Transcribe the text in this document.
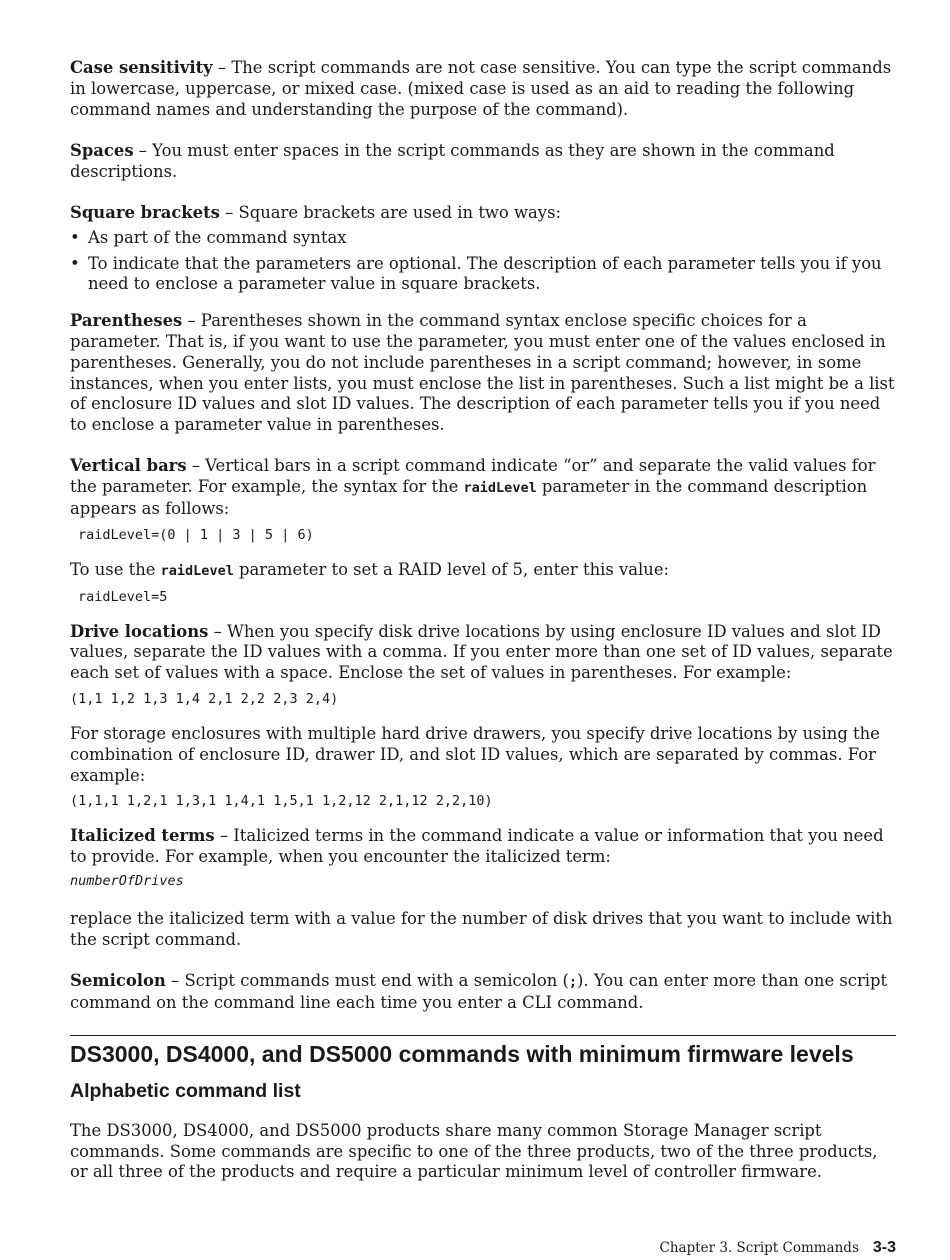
Case sensitivity – The script commands are not case sensitive. You can type the script commands in lowercase, uppercase, or mixed case. (mixed case is used as an aid to reading the following command names and understanding the purpose of the command).

Spaces – You must enter spaces in the script commands as they are shown in the command descriptions.

Square brackets – Square brackets are used in two ways:

• As part of the command syntax
• To indicate that the parameters are optional. The description of each parameter tells you if you need to enclose a parameter value in square brackets.

Parentheses – Parentheses shown in the command syntax enclose specific choices for a parameter. That is, if you want to use the parameter, you must enter one of the values enclosed in parentheses. Generally, you do not include parentheses in a script command; however, in some instances, when you enter lists, you must enclose the list in parentheses. Such a list might be a list of enclosure ID values and slot ID values. The description of each parameter tells you if you need to enclose a parameter value in parentheses.

Vertical bars – Vertical bars in a script command indicate “or” and separate the valid values for the parameter. For example, the syntax for the raidLevel parameter in the command description appears as follows:

raidLevel=(0 | 1 | 3 | 5 | 6)

To use the raidLevel parameter to set a RAID level of 5, enter this value:

raidLevel=5

Drive locations – When you specify disk drive locations by using enclosure ID values and slot ID values, separate the ID values with a comma. If you enter more than one set of ID values, separate each set of values with a space. Enclose the set of values in parentheses. For example:

(1,1 1,2 1,3 1,4 2,1 2,2 2,3 2,4)

For storage enclosures with multiple hard drive drawers, you specify drive locations by using the combination of enclosure ID, drawer ID, and slot ID values, which are separated by commas. For example:

(1,1,1 1,2,1 1,3,1 1,4,1 1,5,1 1,2,12 2,1,12 2,2,10)

Italicized terms – Italicized terms in the command indicate a value or information that you need to provide. For example, when you encounter the italicized term:

numberOfDrives

replace the italicized term with a value for the number of disk drives that you want to include with the script command.

Semicolon – Script commands must end with a semicolon (;). You can enter more than one script command on the command line each time you enter a CLI command.

DS3000, DS4000, and DS5000 commands with minimum firmware levels
Alphabetic command list

The DS3000, DS4000, and DS5000 products share many common Storage Manager script commands. Some commands are specific to one of the three products, two of the three products, or all three of the products and require a particular minimum level of controller firmware.

Chapter 3. Script Commands 3-3
